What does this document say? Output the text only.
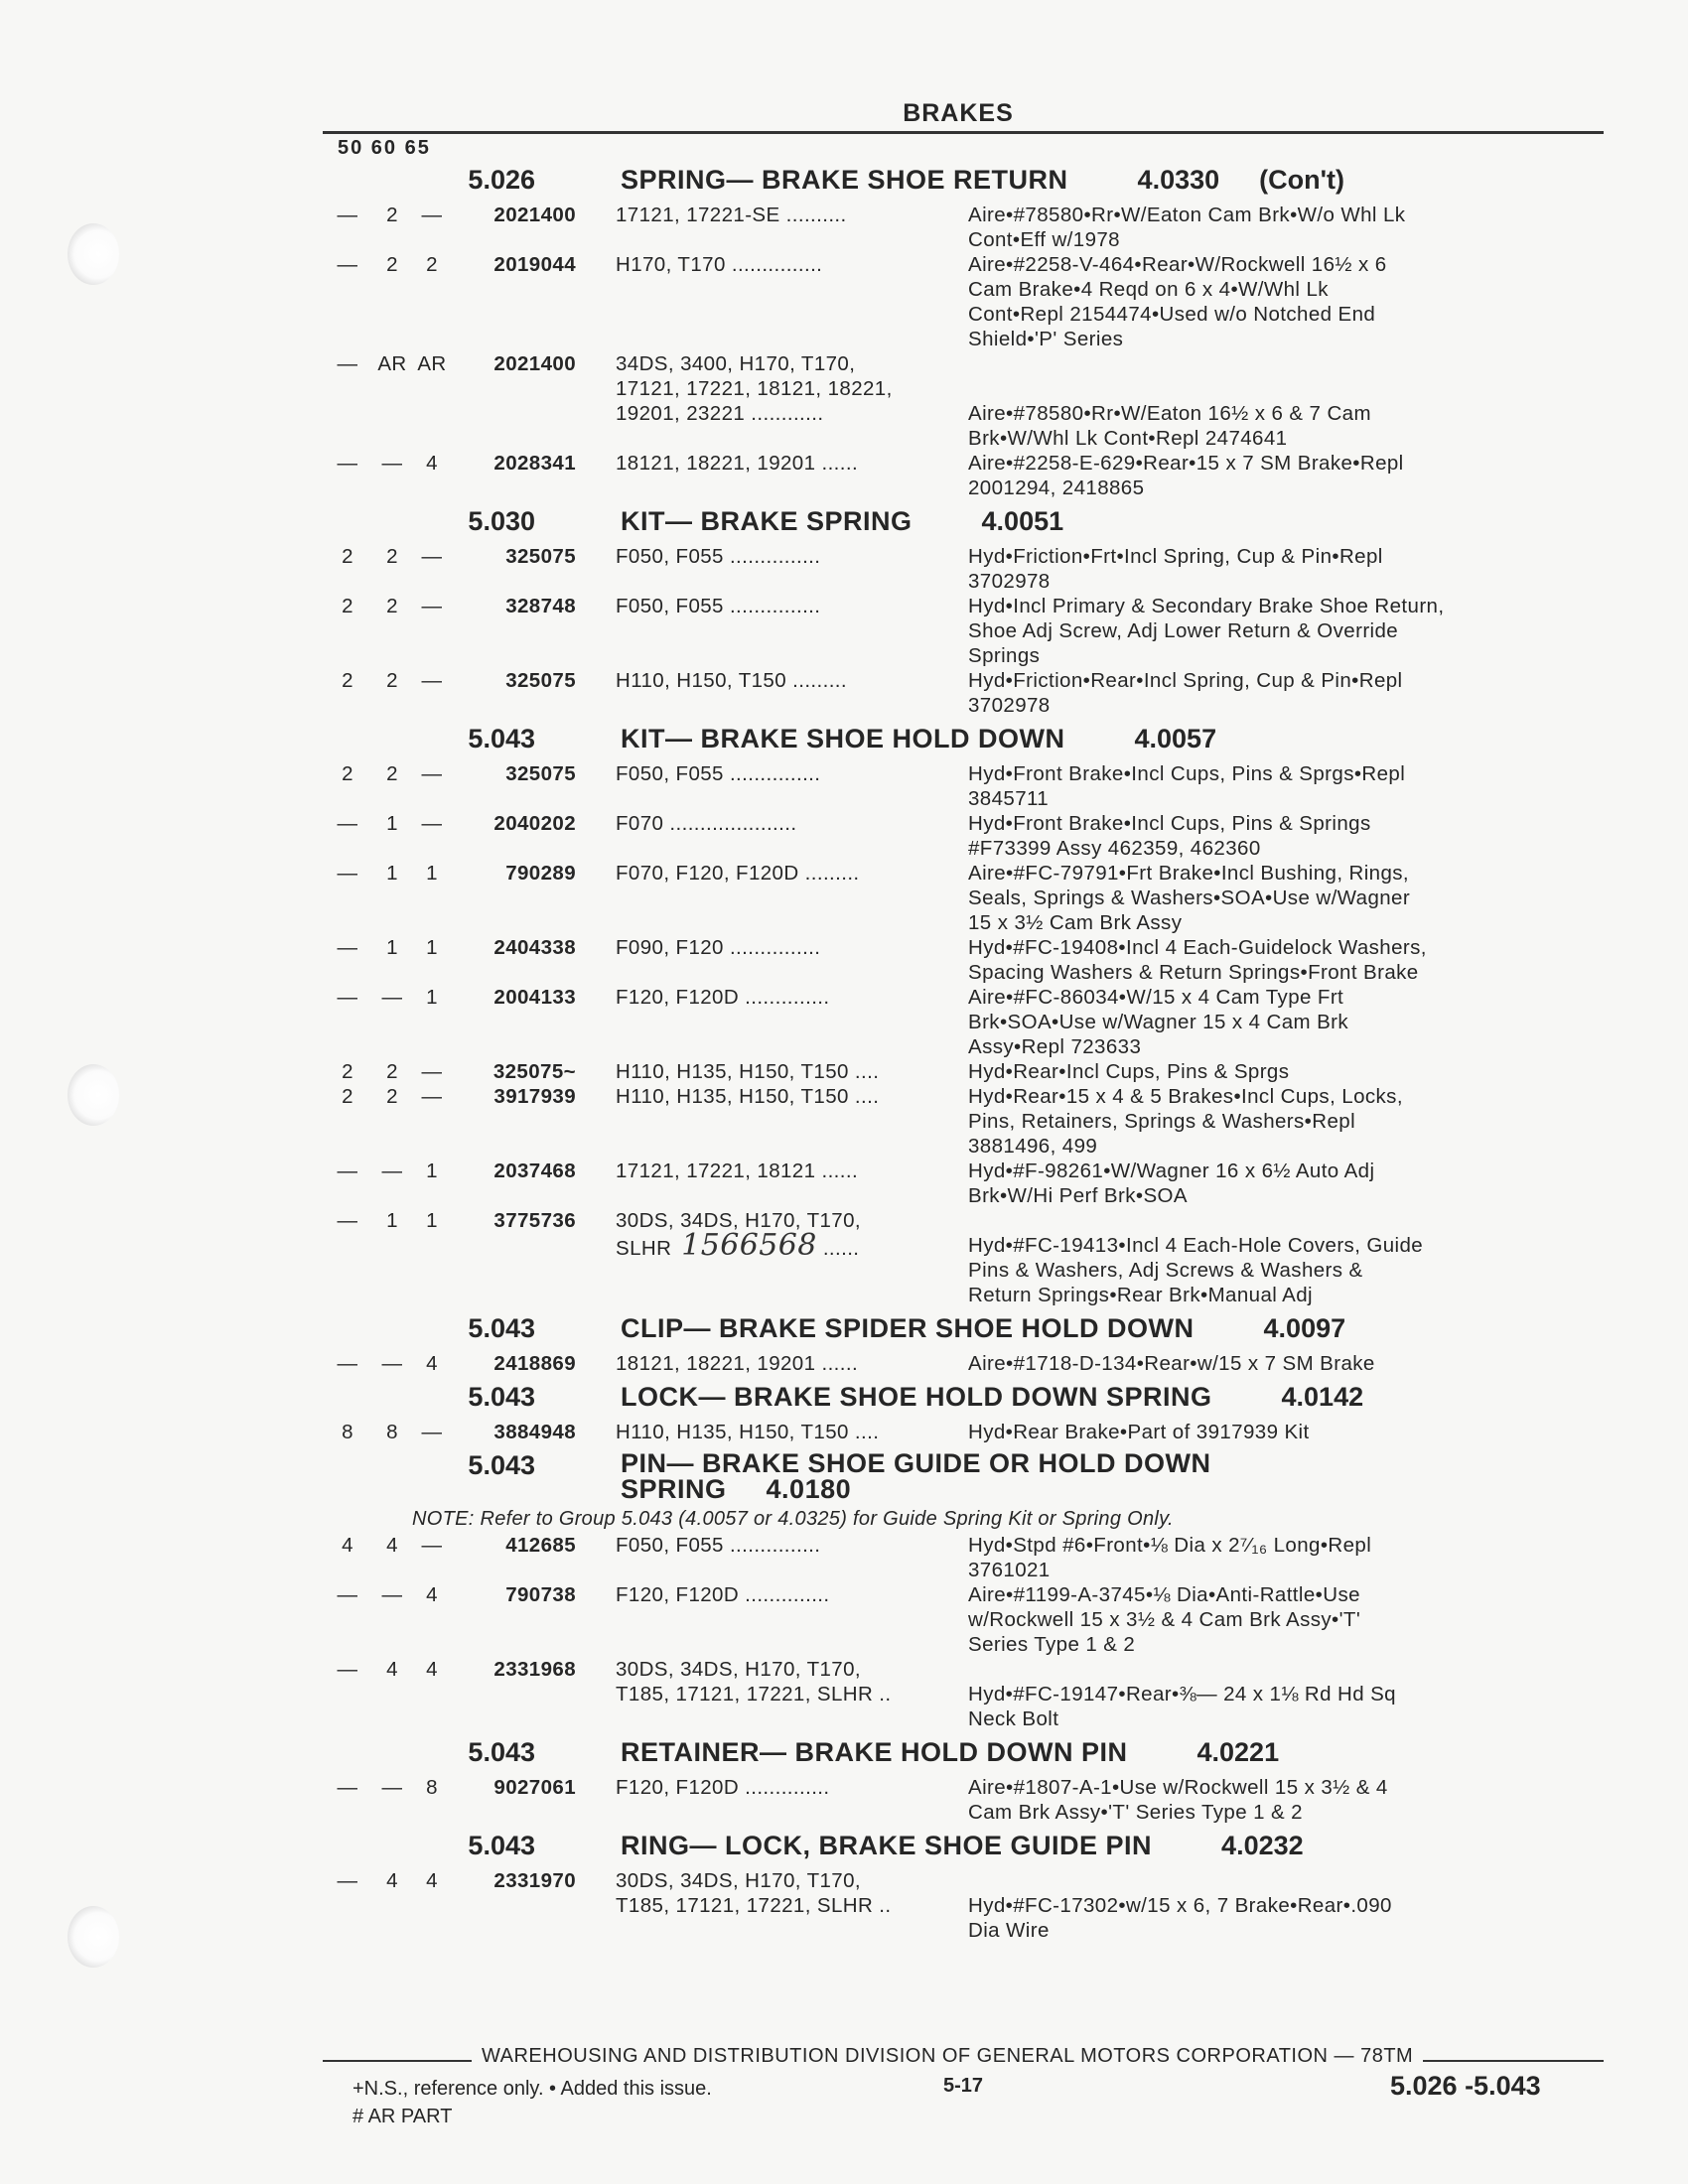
BRAKES
50 60 65
5.026	SPRING— BRAKE SHOE RETURN	4.0330 (Con't)
—	2	—	2021400	17121, 17221-SE ..........	Aire•#78580•Rr•W/Eaton Cam Brk•W/o Whl Lk
Cont•Eff w/1978
—	2	2	2019044	H170, T170 ...............	Aire•#2258-V-464•Rear•W/Rockwell 16½ x 6
Cam Brake•4 Reqd on 6 x 4•W/Whl Lk
Cont•Repl 2154474•Used w/o Notched End
Shield•'P' Series
— AR AR	2021400	34DS, 3400, H170, T170,
17121, 17221, 18121, 18221,
19201, 23221 ............	Aire•#78580•Rr•W/Eaton 16½ x 6 & 7 Cam
Brk•W/Whl Lk Cont•Repl 2474641
—	—	4	2028341	18121, 18221, 19201 ......	Aire•#2258-E-629•Rear•15 x 7 SM Brake•Repl
2001294, 2418865
5.030	KIT— BRAKE SPRING	4.0051
2	2	—	325075	F050, F055 ...............	Hyd•Friction•Frt•Incl Spring, Cup & Pin•Repl
3702978
2	2	—	328748	F050, F055 ...............	Hyd•Incl Primary & Secondary Brake Shoe Return,
Shoe Adj Screw, Adj Lower Return & Override
Springs
2	2	—	325075	H110, H150, T150 .........	Hyd•Friction•Rear•Incl Spring, Cup & Pin•Repl
3702978
5.043	KIT— BRAKE SHOE HOLD DOWN	4.0057
2	2	—	325075	F050, F055 ...............	Hyd•Front Brake•Incl Cups, Pins & Sprgs•Repl
3845711
—	1	—	2040202	F070 .....................	Hyd•Front Brake•Incl Cups, Pins & Springs
#F73399 Assy 462359, 462360
—	1	1	790289	F070, F120, F120D .........	Aire•#FC-79791•Frt Brake•Incl Bushing, Rings,
Seals, Springs & Washers•SOA•Use w/Wagner
15 x 3½ Cam Brk Assy
—	1	1	2404338	F090, F120 ...............	Hyd•#FC-19408•Incl 4 Each-Guidelock Washers,
Spacing Washers & Return Springs•Front Brake
—	—	1	2004133	F120, F120D ..............	Aire•#FC-86034•W/15 x 4 Cam Type Frt
Brk•SOA•Use w/Wagner 15 x 4 Cam Brk
Assy•Repl 723633
2	2	—	325075~	H110, H135, H150, T150 ....	Hyd•Rear•Incl Cups, Pins & Sprgs
2	2	—	3917939	H110, H135, H150, T150 ....	Hyd•Rear•15 x 4 & 5 Brakes•Incl Cups, Locks,
Pins, Retainers, Springs & Washers•Repl
3881496, 499
—	—	1	2037468	17121, 17221, 18121 ......	Hyd•#F-98261•W/Wagner 16 x 6½ Auto Adj
Brk•W/Hi Perf Brk•SOA
—	1	1	3775736	30DS, 34DS, H170, T170,
SLHR 1566568 ......	Hyd•#FC-19413•Incl 4 Each-Hole Covers, Guide
Pins & Washers, Adj Screws & Washers &
Return Springs•Rear Brk•Manual Adj
5.043	CLIP— BRAKE SPIDER SHOE HOLD DOWN	4.0097
—	—	4	2418869	18121, 18221, 19201 ......	Aire•#1718-D-134•Rear•w/15 x 7 SM Brake
5.043	LOCK— BRAKE SHOE HOLD DOWN SPRING	4.0142
8	8	—	3884948	H110, H135, H150, T150 ....	Hyd•Rear Brake•Part of 3917939 Kit
5.043	PIN— BRAKE SHOE GUIDE OR HOLD DOWN
SPRING 4.0180
NOTE: Refer to Group 5.043 (4.0057 or 4.0325) for Guide Spring Kit or Spring Only.
4	4	—	412685	F050, F055 ...............	Hyd•Stpd #6•Front•⅛ Dia x 2⁷⁄₁₆ Long•Repl
3761021
—	—	4	790738	F120, F120D ..............	Aire•#1199-A-3745•⅛ Dia•Anti-Rattle•Use
w/Rockwell 15 x 3½ & 4 Cam Brk Assy•'T'
Series Type 1 & 2
—	4	4	2331968	30DS, 34DS, H170, T170,
T185, 17121, 17221, SLHR ..	Hyd•#FC-19147•Rear•⅜— 24 x 1⅛ Rd Hd Sq
Neck Bolt
5.043	RETAINER— BRAKE HOLD DOWN PIN	4.0221
—	—	8	9027061	F120, F120D ..............	Aire•#1807-A-1•Use w/Rockwell 15 x 3½ & 4
Cam Brk Assy•'T' Series Type 1 & 2
5.043	RING— LOCK, BRAKE SHOE GUIDE PIN	4.0232
—	4	4	2331970	30DS, 34DS, H170, T170,
T185, 17121, 17221, SLHR ..	Hyd•#FC-17302•w/15 x 6, 7 Brake•Rear•.090
Dia Wire
WAREHOUSING AND DISTRIBUTION DIVISION OF GENERAL MOTORS CORPORATION — 78TM
+N.S., reference only. • Added this issue.
# AR PART
5-17	5.026 -5.043
